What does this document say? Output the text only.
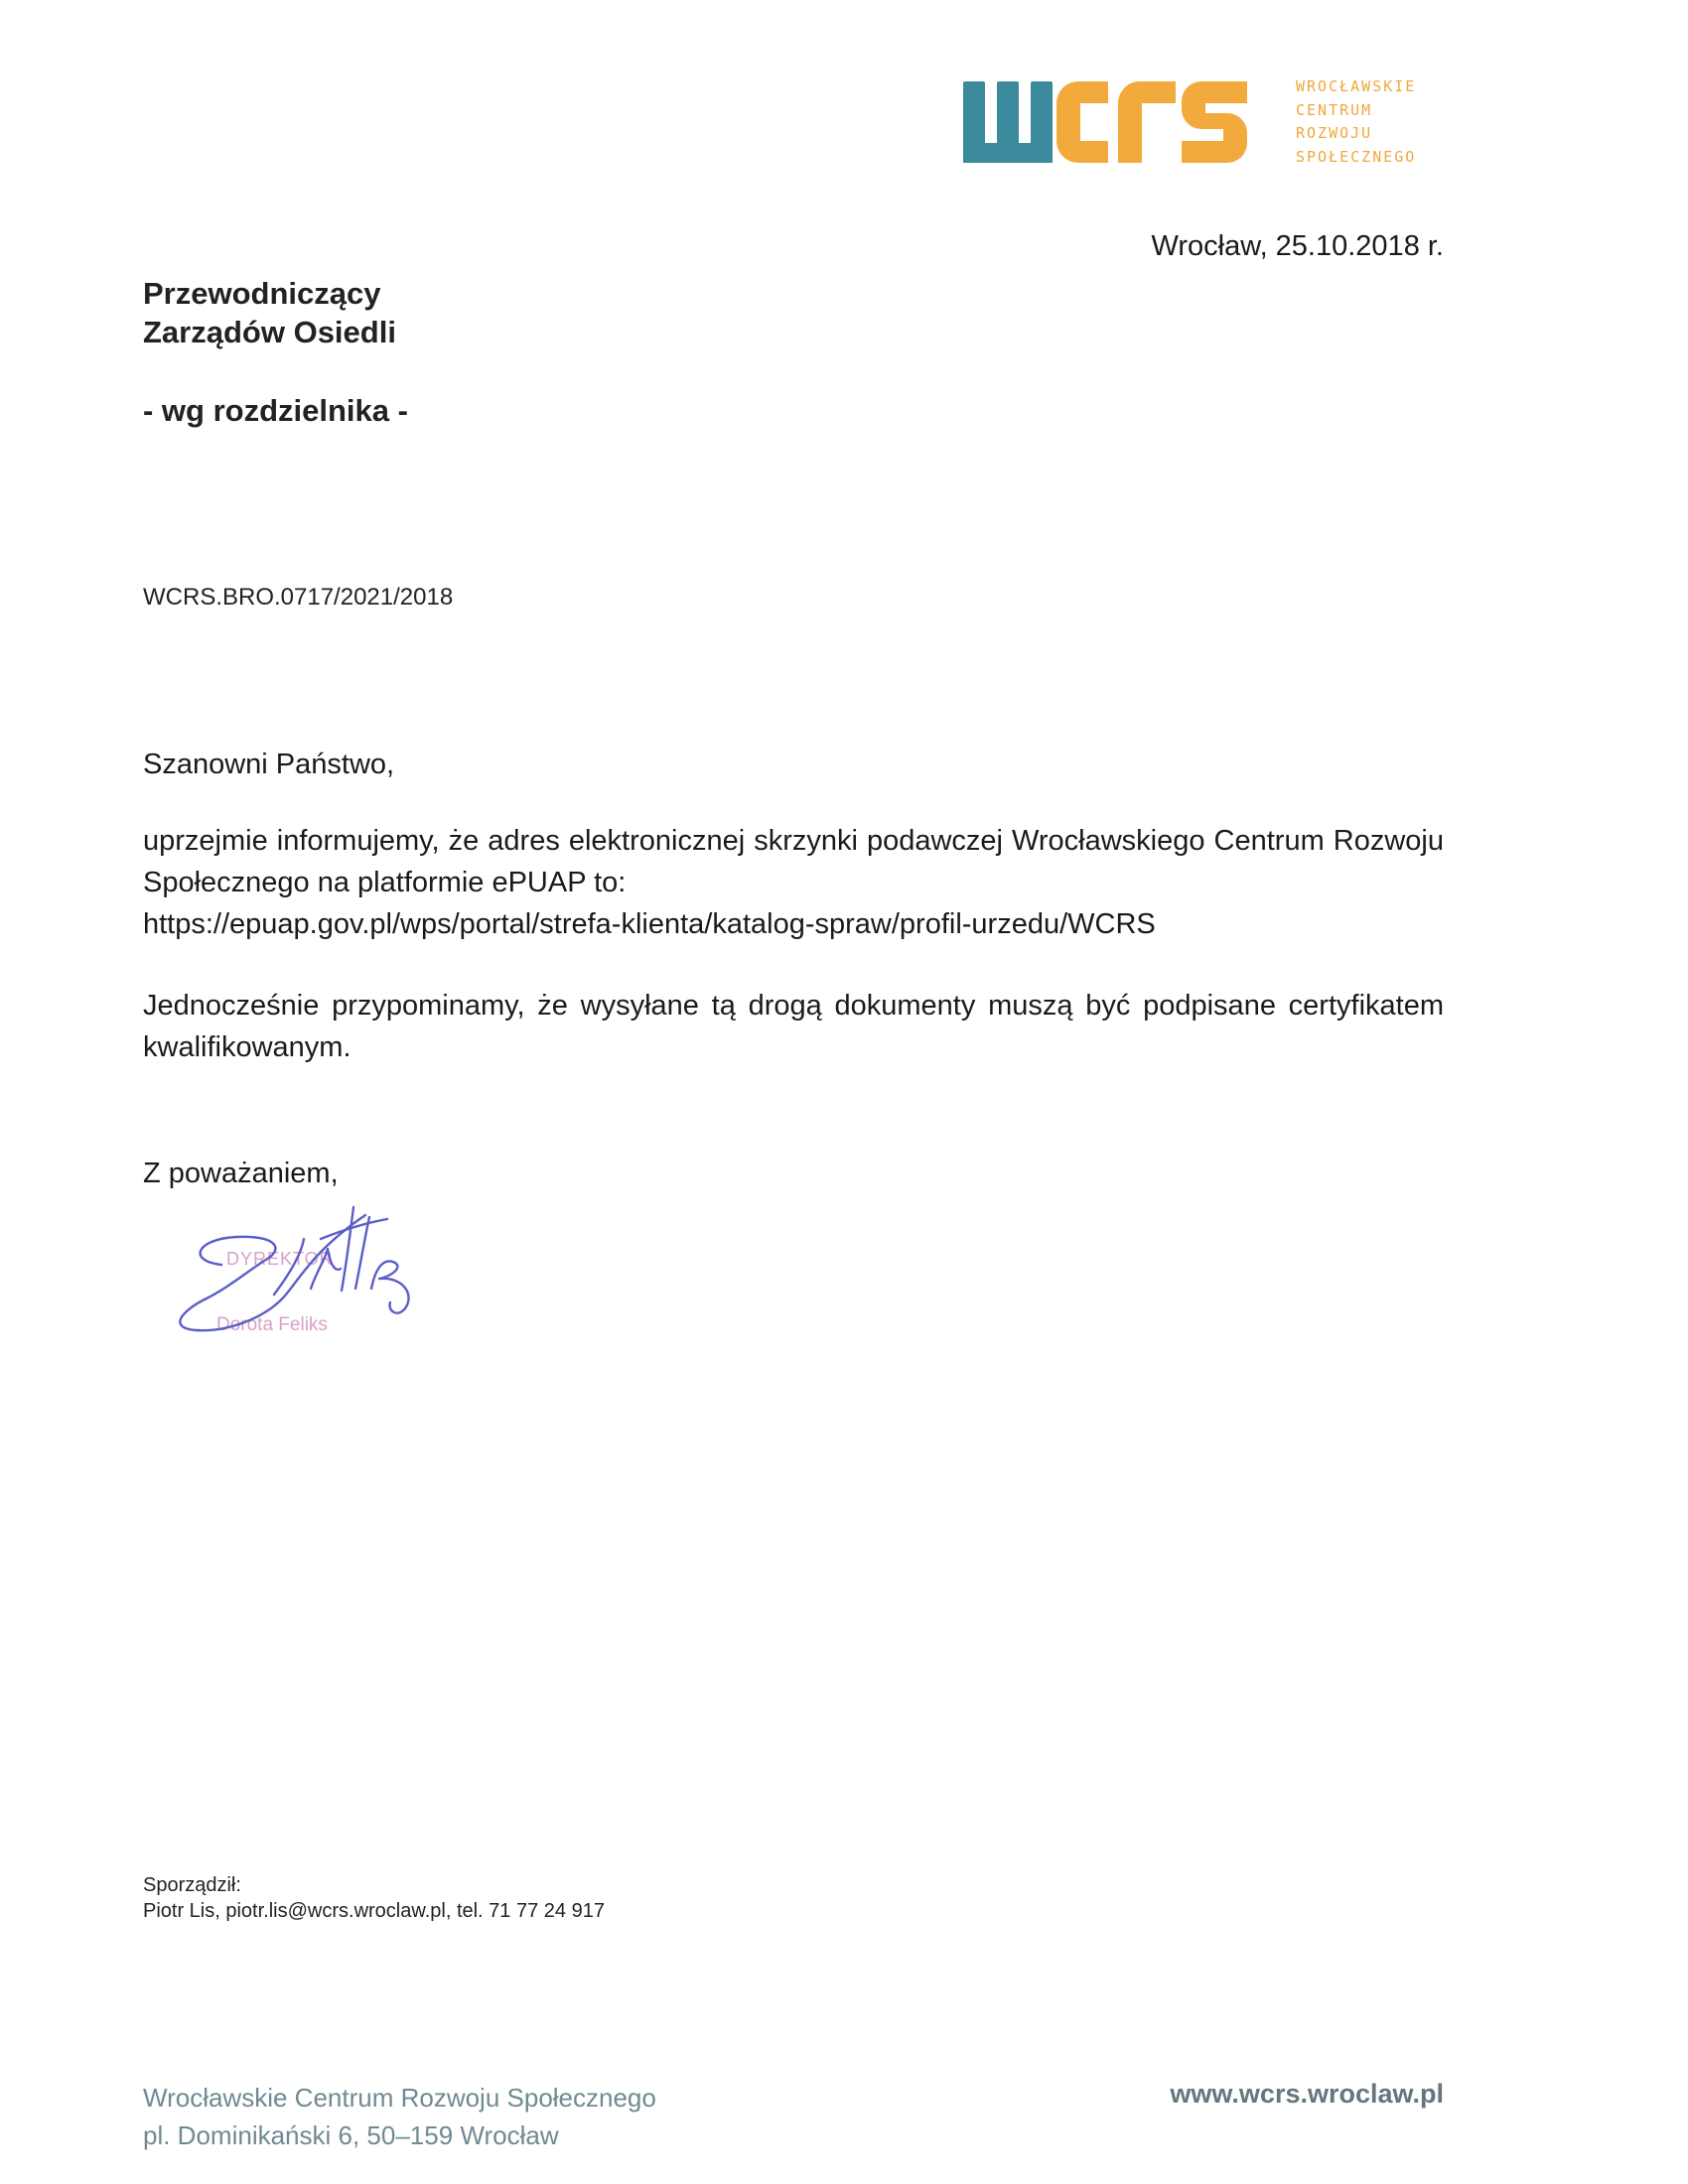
WROCŁAWSKIE
CENTRUM
ROZWOJU
SPOŁECZNEGO
Wrocław, 25.10.2018 r.
Przewodniczący
Zarządów Osiedli
- wg rozdzielnika -
WCRS.BRO.0717/2021/2018
Szanowni Państwo,
uprzejmie informujemy, że adres elektronicznej skrzynki podawczej Wrocławskiego Centrum Rozwoju Społecznego na platformie ePUAP to:
https://epuap.gov.pl/wps/portal/strefa-klienta/katalog-spraw/profil-urzedu/WCRS
Jednocześnie przypominamy, że wysyłane tą drogą dokumenty muszą być podpisane certyfikatem kwalifikowanym.
Z poważaniem,
DYREKTOR
Dorota Feliks
Sporządził:
Piotr Lis, piotr.lis@wcrs.wroclaw.pl, tel. 71 77 24 917
Wrocławskie Centrum Rozwoju Społecznego
pl. Dominikański 6, 50–159 Wrocław
www.wcrs.wroclaw.pl
